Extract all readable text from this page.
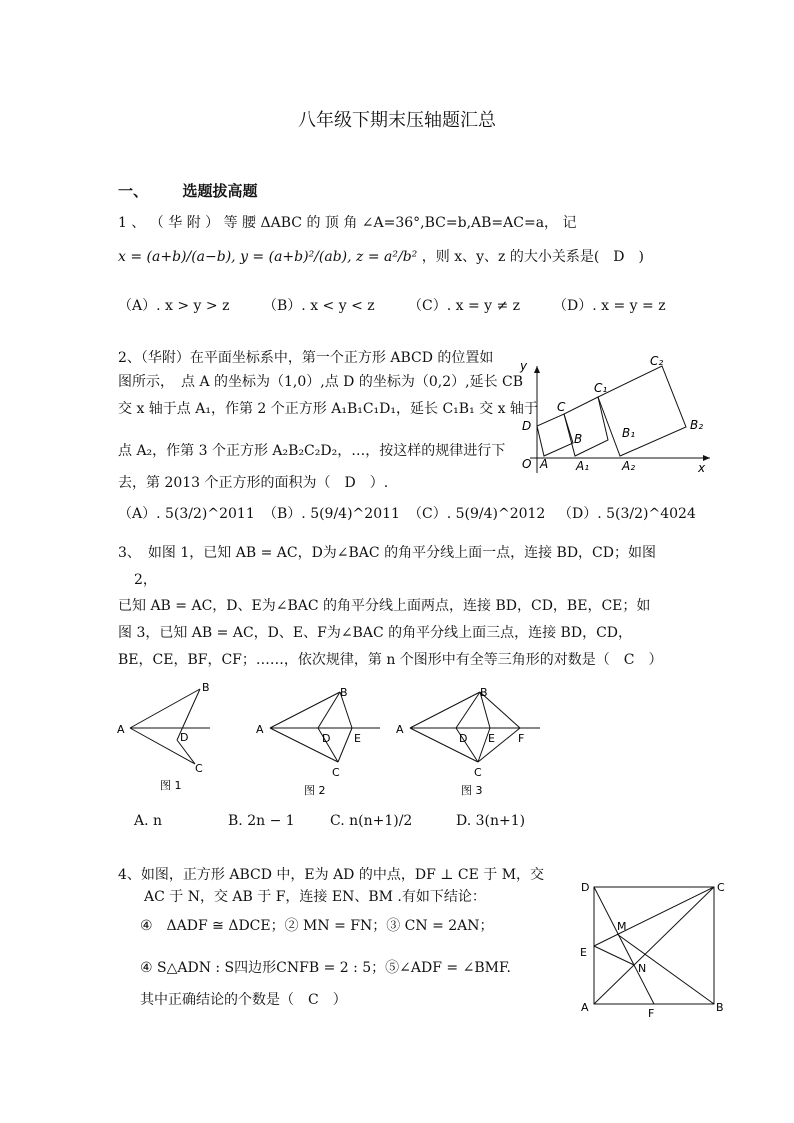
八年级下期末压轴题汇总
一、 选题拔高题
1 、 （ 华 附 ） 等 腰 ΔABC 的 顶 角 ∠A=36°,BC=b,AB=AC=a， 记
x = (a+b)/(a−b), y = (a+b)²/(ab), z = a²/b² ，则 x、y、z 的大小关系是(　D　)
（A）. x > y > z （B）. x < y < z （C）. x = y ≠ z （D）. x = y = z
2、（华附）在平面坐标系中，第一个正方形 ABCD 的位置如
图所示，　点 A 的坐标为（1,0）,点 D 的坐标为（0,2）,延长 CB
交 x 轴于点 A₁，作第 2 个正方形 A₁B₁C₁D₁，延长 C₁B₁ 交 x 轴于
点 A₂，作第 3 个正方形 A₂B₂C₂D₂，…，按这样的规律进行下
去，第 2013 个正方形的面积为（　D　）.
（A）. 5(3/2)^2011 （B）. 5(9/4)^2011 （C）. 5(9/4)^2012 （D）. 5(3/2)^4024
y
x
O A
B
C
D
A₁	A₂
B₁
B₂
C₁
C₂
3、　如图 1，已知 AB = AC，D为∠BAC 的角平分线上面一点，连接 BD，CD；如图
2，
已知 AB = AC，D、E为∠BAC 的角平分线上面两点，连接 BD，CD，BE，CE；如
图 3，已知 AB = AC，D、E、F为∠BAC 的角平分线上面三点，连接 BD，CD，
BE，CE，BF，CF；……，依次规律，第 n 个图形中有全等三角形的对数是（　C　）
A
B
D
C
图 1
A
B
D E
C
图 2
A
B
D E F
C
图 3
A. n	B. 2n − 1	C. n(n+1)/2	D. 3(n+1)
4、如图，正方形 ABCD 中，E为 AD 的中点，DF ⊥ CE 于 M，交
AC 于 N，交 AB 于 F，连接 EN、BM .有如下结论：
④　ΔADF ≅ ΔDCE；② MN = FN；③ CN = 2AN；
④ S△ADN : S四边形CNFB = 2 : 5；⑤∠ADF = ∠BMF.
其中正确结论的个数是（　C　）
D	C
E
M
N
A	F	B
